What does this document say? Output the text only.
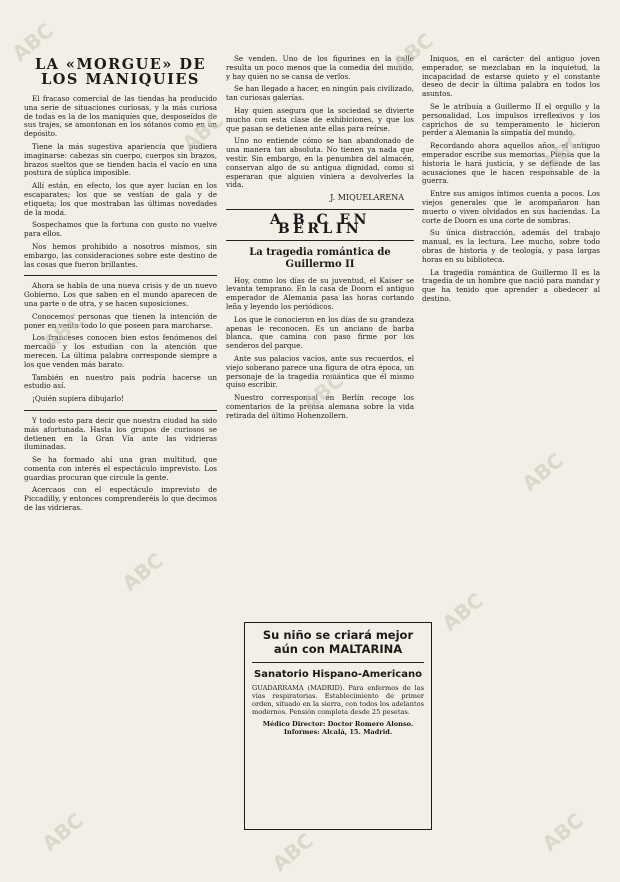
LA «MORGUE» DE LOS MANIQUIES

El fracaso comercial de las tiendas ha producido una serie de situaciones curiosas, y la más curiosa de todas es la de los maniquíes que, desposeídos de sus trajes, se amontonan en los sótanos como en un depósito.

Tiene la más sugestiva apariencia que pudiera imaginarse: cabezas sin cuerpo, cuerpos sin brazos, brazos sueltos que se tienden hacia el vacío en una postura de súplica imposible.

Allí están, en efecto, los que ayer lucían en los escaparates; los que se vestían de gala y de etiqueta; los que mostraban las últimas novedades de la moda.

Sospechamos que la fortuna con gusto no vuelve para ellos.

Nos hemos prohibido a nosotros mismos, sin embargo, las consideraciones sobre este destino de las cosas que fueron brillantes.

Ahora se habla de una nueva crisis y de un nuevo Gobierno. Los que saben en el mundo aparecen de una parte o de otra, y se hacen suposiciones.

Conocemos personas que tienen la intención de poner en venta todo lo que poseen para marcharse.

Los franceses conocen bien estos fenómenos del mercado y los estudian con la atención que merecen. La última palabra corresponde siempre a los que venden más barato.

También en nuestro país podría hacerse un estudio así.

¡Quién supiera dibujarlo!

Y todo esto para decir que nuestra ciudad ha sido más afortunada. Hasta los grupos de curiosos se detienen en la Gran Vía ante las vidrieras iluminadas.

Se ha formado ahí una gran multitud, que comenta con interés el espectáculo imprevisto. Los guardias procuran que circule la gente.

Acercaos con el espectáculo imprevisto de Piccadilly, y entonces comprenderéis lo que decimos de las vidrieras.

Se venden. Uno de los figurines en la calle resulta un poco menos que la comedia del mundo, y hay quien no se cansa de verlos.

Se han llegado a hacer, en ningún país civilizado, tan curiosas galerías.

Hay quien asegura que la sociedad se divierte mucho con esta clase de exhibiciones, y que los que pasan se detienen ante ellas para reírse.

Uno no entiende cómo se han abandonado de una manera tan absoluta. No tienen ya nada que vestir. Sin embargo, en la penumbra del almacén, conservan algo de su antigua dignidad, como si esperaran que alguien viniera a devolverles la vida.

J. MIQUELARENA
A B C EN BERLIN
La tragedia romántica de Guillermo II

Hoy, como los días de su juventud, el Kaiser se levanta temprano. En la casa de Doorn el antiguo emperador de Alemania pasa las horas cortando leña y leyendo los periódicos.

Los que le conocieron en los días de su grandeza apenas le reconocen. Es un anciano de barba blanca, que camina con paso firme por los senderos del parque.

Ante sus palacios vacíos, ante sus recuerdos, el viejo soberano parece una figura de otra época, un personaje de la tragedia romántica que él mismo quiso escribir.

Nuestro corresponsal en Berlín recoge los comentarios de la prensa alemana sobre la vida retirada del último Hohenzollern.

Su niño se criará mejor
aún con MALTARINA
Sanatorio Hispano-Americano
GUADARRAMA (MADRID). Para enfermos de las vías respiratorias. Establecimiento de primer orden, situado en la sierra, con todos los adelantos modernos. Pensión completa desde 25 pesetas.
Médico Director: Doctor Romero Alonso. Informes: Alcalá, 15. Madrid.

Iniquos, en el carácter del antiguo joven emperador, se mezclaban en la inquietud, la incapacidad de estarse quieto y el constante deseo de decir la última palabra en todos los asuntos.

Se le atribuía a Guillermo II el orgullo y la personalidad. Los impulsos irreflexivos y los caprichos de su temperamento le hicieron perder a Alemania la simpatía del mundo.

Recordando ahora aquellos años, el antiguo emperador escribe sus memorias. Piensa que la historia le hará justicia, y se defiende de las acusaciones que le hacen responsable de la guerra.

Entre sus amigos íntimos cuenta a pocos. Los viejos generales que le acompañaron han muerto o viven olvidados en sus haciendas. La corte de Doorn es una corte de sombras.

Su única distracción, además del trabajo manual, es la lectura. Lee mucho, sobre todo obras de historia y de teología, y pasa largas horas en su biblioteca.

La tragedia romántica de Guillermo II es la tragedia de un hombre que nació para mandar y que ha tenido que aprender a obedecer al destino.

ABC
ABC
ABC
ABC
ABC
ABC
ABC
ABC
ABC
ABC	ABC	ABC
